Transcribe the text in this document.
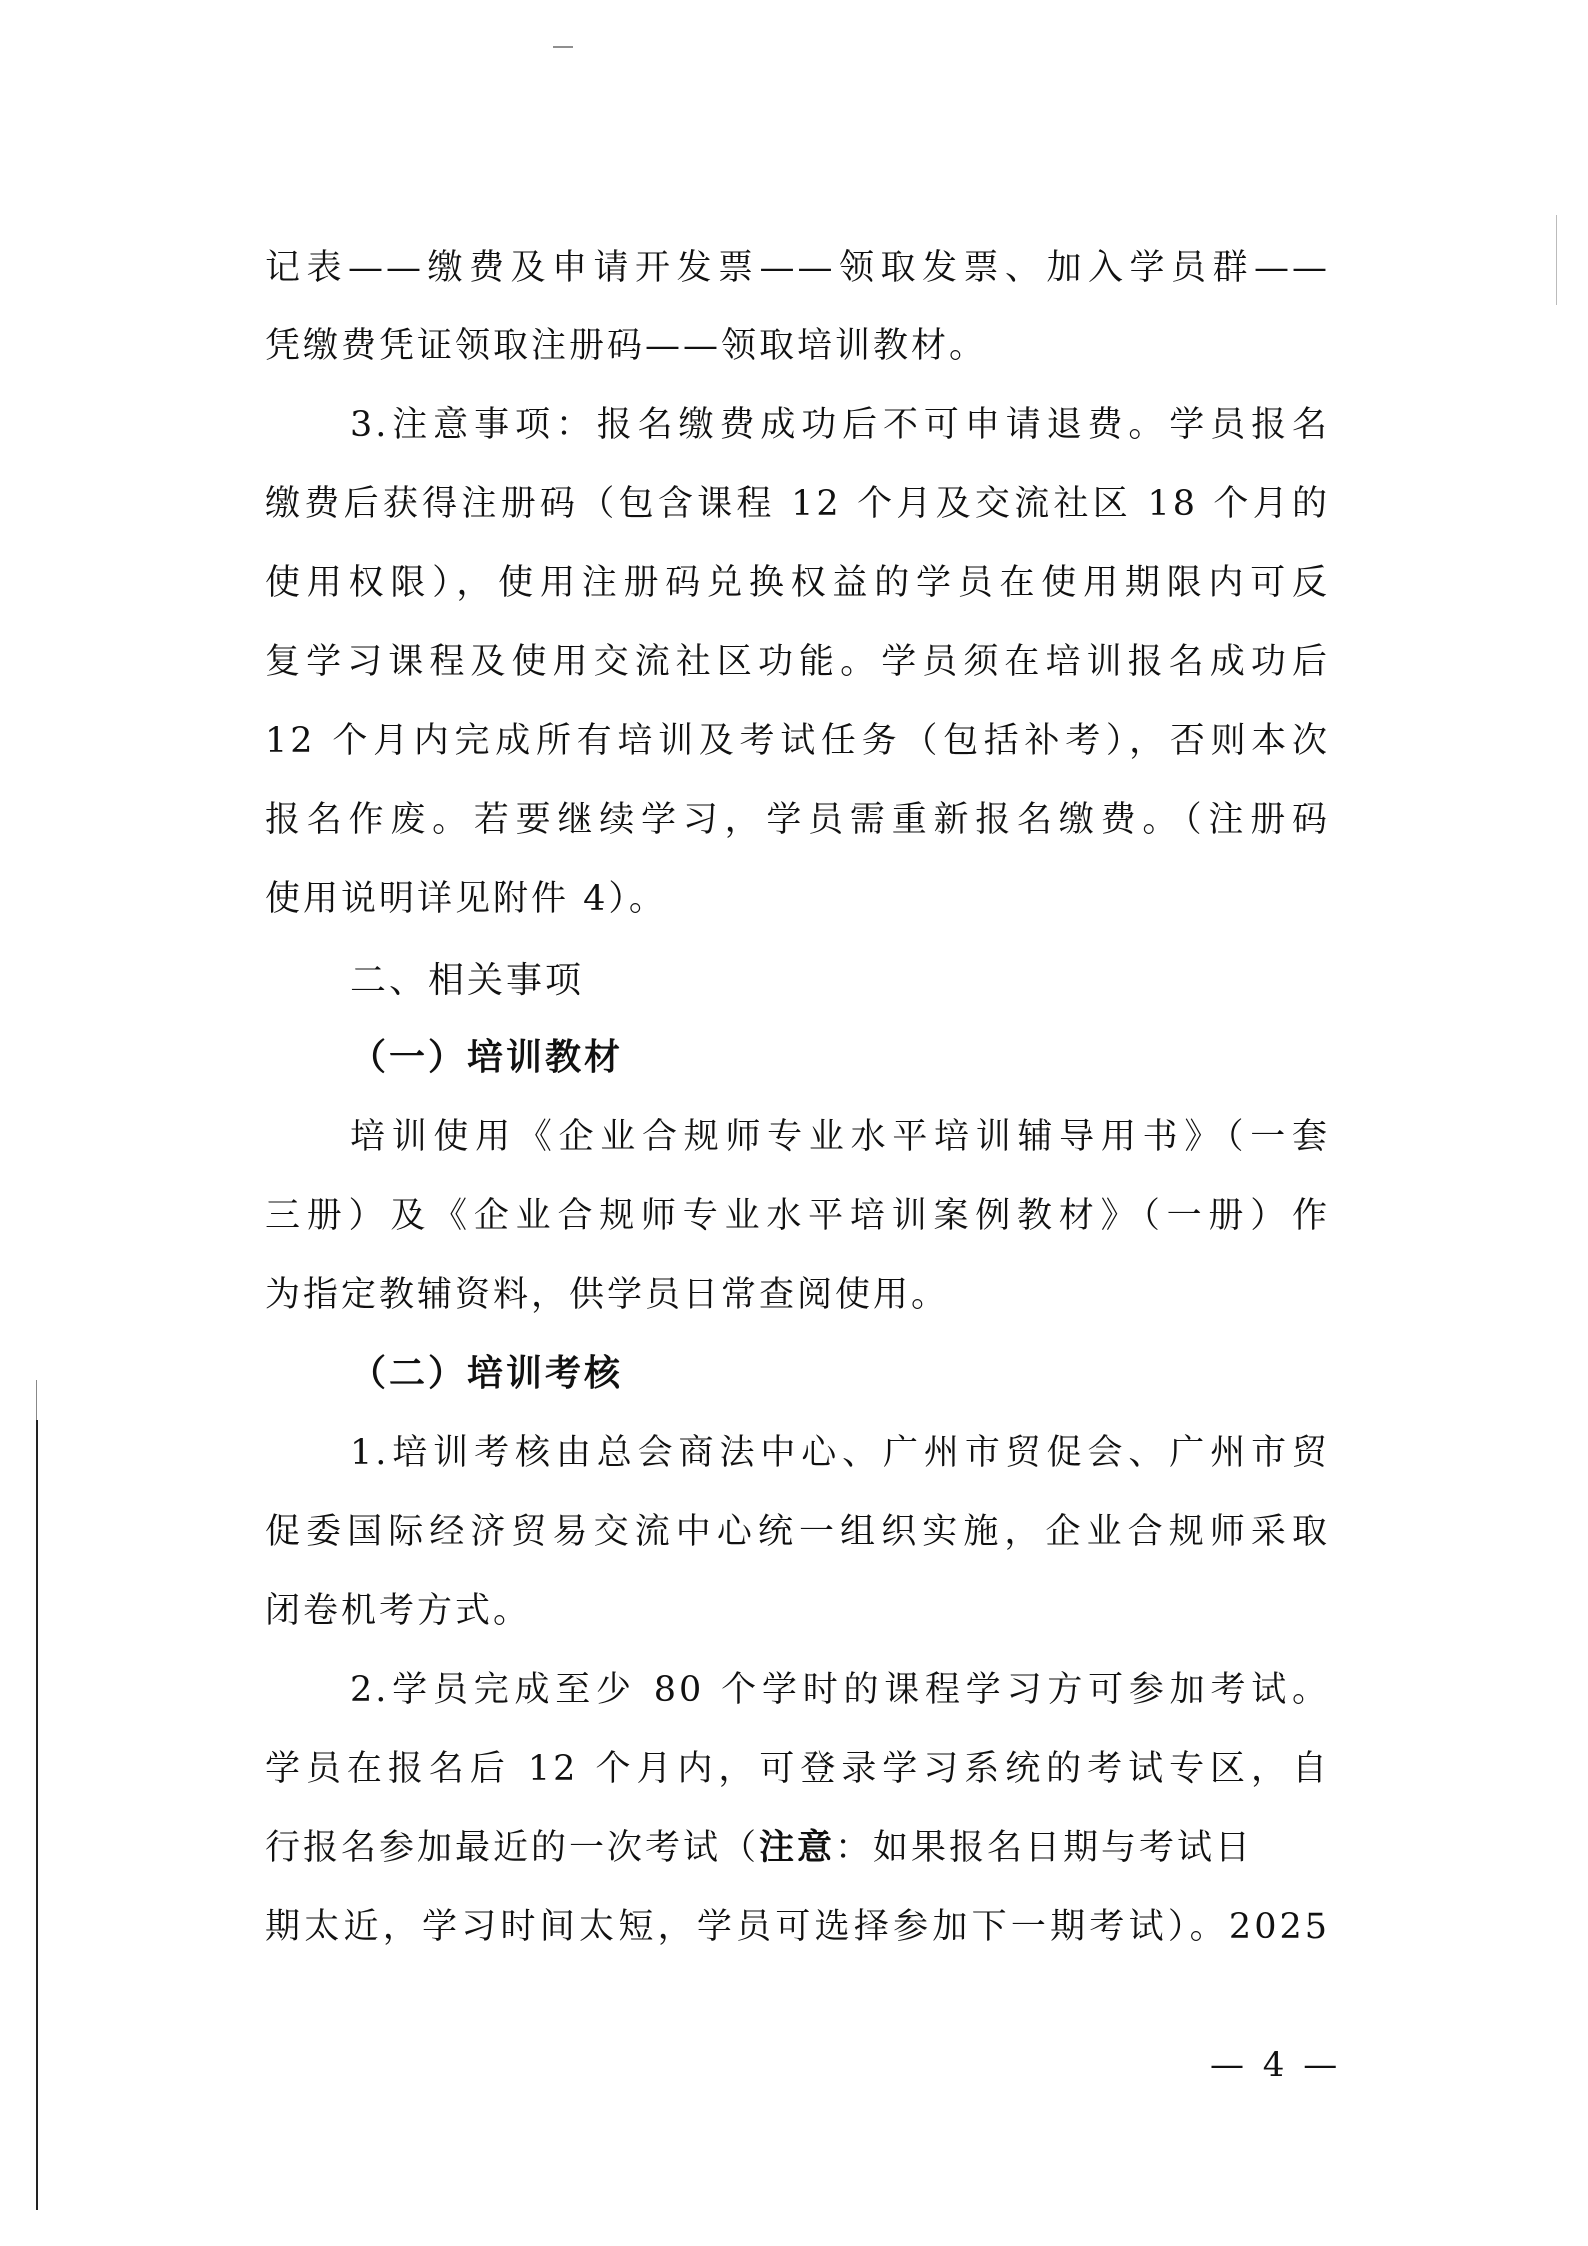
记表——缴费及申请开发票——领取发票、加入学员群——
凭缴费凭证领取注册码——领取培训教材。
3.注意事项：报名缴费成功后不可申请退费。学员报名
缴费后获得注册码（包含课程 12 个月及交流社区 18 个月的
使用权限），使用注册码兑换权益的学员在使用期限内可反
复学习课程及使用交流社区功能。学员须在培训报名成功后
12 个月内完成所有培训及考试任务（包括补考），否则本次
报名作废。若要继续学习，学员需重新报名缴费。（注册码
使用说明详见附件 4）。
二、相关事项
（一）培训教材
培训使用《企业合规师专业水平培训辅导用书》（一套
三册）及《企业合规师专业水平培训案例教材》（一册）作
为指定教辅资料，供学员日常查阅使用。
（二）培训考核
1.培训考核由总会商法中心、广州市贸促会、广州市贸
促委国际经济贸易交流中心统一组织实施，企业合规师采取
闭卷机考方式。
2.学员完成至少 80 个学时的课程学习方可参加考试。
学员在报名后 12 个月内，可登录学习系统的考试专区，自
行报名参加最近的一次考试（注意：如果报名日期与考试日
期太近，学习时间太短，学员可选择参加下一期考试）。2025
— 4 —
